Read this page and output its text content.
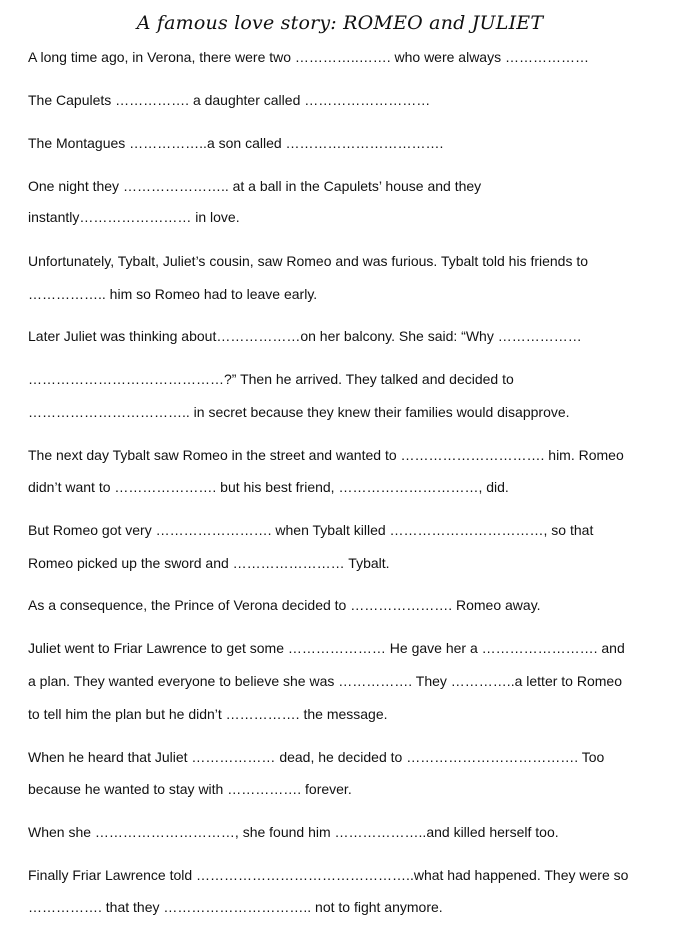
A famous love story: ROMEO and JULIET
A long time ago, in Verona, there were two …………..……. who were always ………………
The Capulets ……………. a daughter called ………………………
The Montagues ……………..a son called …………………………….
One night they ………………….. at a ball in the Capulets’ house and they
instantly…………………… in love.
Unfortunately, Tybalt, Juliet’s cousin, saw Romeo and was furious. Tybalt told his friends to
…………….. him so Romeo had to leave early.
Later Juliet was thinking about………………on her balcony. She said: “Why ………………
……………………………………?” Then he arrived. They talked and decided to
…………………………….. in secret because they knew their families would disapprove.
The next day Tybalt saw Romeo in the street and wanted to …………………………. him. Romeo
didn’t want to …………………. but his best friend, …………………………, did.
But Romeo got very ……………………. when Tybalt killed ……………………………, so that
Romeo picked up the sword and …………………… Tybalt.
As a consequence, the Prince of Verona decided to …………………. Romeo away.
Juliet went to Friar Lawrence to get some ………………… He gave her a ……………………. and
a plan. They wanted everyone to believe she was ……………. They …………..a letter to Romeo
to tell him the plan but he didn’t ……………. the message.
When he heard that Juliet ……………… dead, he decided to ………………………………. Too
because he wanted to stay with ……………. forever.
When she …………………………, she found him ………………..and killed herself too.
Finally Friar Lawrence told ………………………………………..what had happened. They were so
……………. that they ………………………….. not to fight anymore.
